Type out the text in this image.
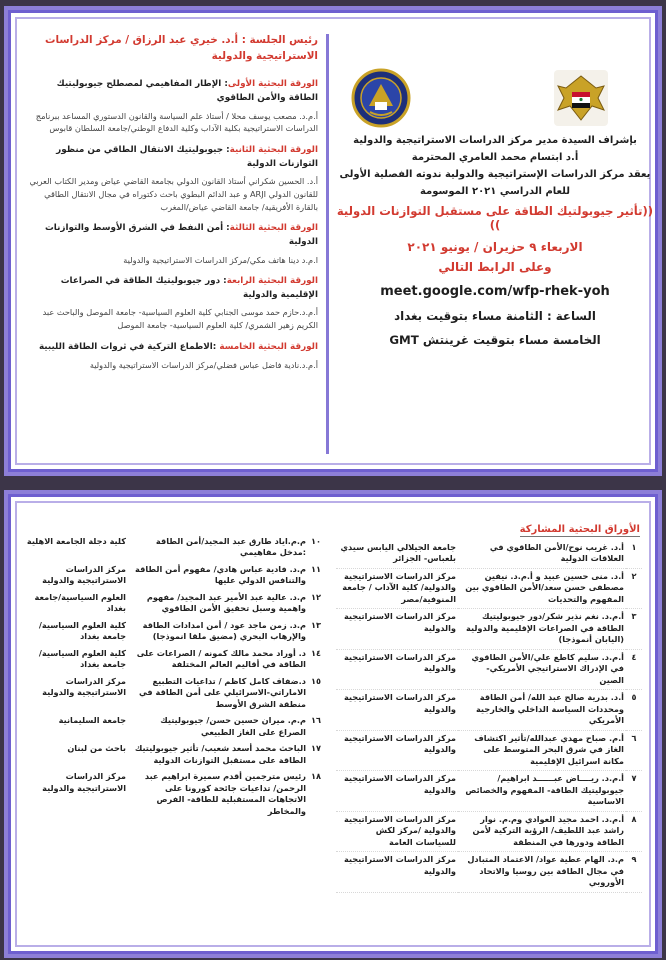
رئيس الجلسة : أ.د. خيري عبد الرزاق / مركز الدراسات الاستراتيجية والدولية
الورقة البحثية الأولى: الإطار المفاهيمي لمصطلح جيوبوليتيك الطاقة والأمن الطاقوي
أ.م.د. مصعب يوسف محلا / أستاذ علم السياسة والقانون الدستوري المساعد ببرنامج الدراسات الاستراتيجية بكلية الآداب وكلية الدفاع الوطني/جامعة السلطان قابوس
الورقة البحثية الثانية: جيوبوليتيك الانتقال الطاقي من منظور التوازنات الدولية
أ.د. الحسين شكراني أستاذ القانون الدولي بجامعة القاضي عياض ومدير الكتاب العربي للقانون الدولي ARJI و عبد الدائم البطوي باحث دكتوراه في مجال الانتقال الطاقي بالقارة الأفريقية/ جامعة القاضي عياض/المغرب
الورقة البحثية الثالثة: أمن النفط في الشرق الأوسط والتوازنات الدولية
ا.م.د دينا هاتف مكي/مركز الدراسات الاستراتيجية والدولية
الورقة البحثية الرابعة: دور جيوبوليتيك الطاقة في الصراعات الإقليمية والدولية
أ.م.د.حازم حمد موسى الجنابي كلية العلوم السياسية- جامعة الموصل والباحث عبد الكريم زهير الشمري/ كلية العلوم السياسية- جامعة الموصل
الورقة البحثية الخامسة :الاطماع التركية في ثروات الطاقة الليبية
أ.م.د.نادية فاضل عباس فضلي/مركز الدراسات الاستراتيجية والدولية
بإشراف السيدة مدير مركز الدراسات الاستراتيجية والدولية
أ.د ابتسام محمد العامري المحترمة
يعقد مركز الدراسات الإستراتيجية والدولية ندوته الفصلية الأولى
للعام الدراسي ٢٠٢١ الموسومة
((تأثير جيوبولتيك الطاقة على مستقبل التوازنات الدولية ))
الاربعاء ٩ حزيران / يونيو ٢٠٢١
وعلى الرابط التالي
meet.google.com/wfp-rhek-yoh
الساعة : الثامنة مساء بتوقيت بغداد
الخامسة مساء بتوقيت غرينتش GMT
الأوراق البحثية المشاركة
١	أ.د. غريب نوح/الأمن الطاقوي في العلاقات الدولية	جامعة الجيلالي اليابس سيدي بلعباس- الجزائر
٢	أ.د. منى حسين عبيد و أ.م.د. نيفين مصطفى حسن سعد/الأمن الطاقوي بين المفهوم والتحديات	مركز الدراسات الاستراتيجية والدولية/ كلية الآداب / جامعة المنوفية/مصر
٣	أ.م.د. نغم نذير شكر/دور جيوبوليتيك الطاقة في الصراعات الإقليمية والدولية (اليابان أنموذجا)	مركز الدراسات الاستراتيجية والدولية
٤	أ.م.د. سليم كاطع علي/الأمن الطاقوي في الإدراك الاستراتيجي الأمريكي- الصين	مركز الدراسات الاستراتيجية والدولية
٥	أ.د. بدرية صالح عبد الله/ أمن الطاقة ومحددات السياسة الداخلي والخارجية الأمريكي	مركز الدراسات الاستراتيجية والدولية
٦	أ.م. صباح مهدي عبدالله/تأثير اكتشاف الغاز في شرق البحر المتوسط على مكانة اسرائيل الإقليمية	مركز الدراسات الاستراتيجية والدولية
٧	أ.م.د. ريــــاض عبــــــد ابراهيم/جيوبوليتيك الطاقة- المفهوم والخصائص الاساسية	مركز الدراسات الاستراتيجية والدولية
٨	أ.م.د. احمد مجيد العوادي وم.م. نوار راشد عبد اللطيف/ الرؤية التركية لأمن الطاقة ودورها في المنطقة	مركز الدراسات الاستراتيجية والدولية /مركز لكش للسياسات العامة
٩	م.د. الهام عطية عواد/ الاعتماد المتبادل في مجال الطاقة بين روسيا والاتحاد الأوروبي	مركز الدراسات الاستراتيجية والدولية
١٠	م.م.اياد طارق عبد المجيد/أمن الطاقة :مدخل مفاهيمي	كلية دجلة الجامعة الاهلية
١١	م.د. فادية عباس هادي/ مفهوم أمن الطاقة والتنافس الدولي عليها	مركز الدراسات الاستراتيجية والدولية
١٢	م.د. عالية عبد الأمير عبد المجيد/ مفهوم واهمية وسبل تحقيق الأمن الطاقوي	العلوم السياسية/جامعة بغداد
١٣	م.د. زمن ماجد عود / أمن امدادات الطاقة والإرهاب البحري (مضيق ملقا انموذجا)	كلية العلوم السياسية/جامعة بغداد
١٤	د. أوراد محمد مالك كمونه / الصراعات على الطاقة في أقاليم العالم المختلفة	كلية العلوم السياسية/جامعة بغداد
١٥	د.ضفاف كامل كاظم / تداعيات التطبيع الاماراتي-الاسرائيلي على أمن الطاقة في منطقة الشرق الأوسط	مركز الدراسات الاستراتيجية والدولية
١٦	م.م. ميران حسين حسن/ جيوبوليتيك الصراع على الغاز الطبيعي	جامعة السليمانية
١٧	الباحث محمد أسعد شعيب/ تأثير جيوبوليتيك الطاقة على مستقبل التوازنات الدولية	باحث من لبنان
١٨	رئيس مترجمين أقدم سميرة ابراهيم عبد الرحمن/ تداعيات جائحة كورونا على الاتجاهات المستقبلية للطاقة- الفرص والمخاطر	مركز الدراسات الاستراتيجية والدولية
